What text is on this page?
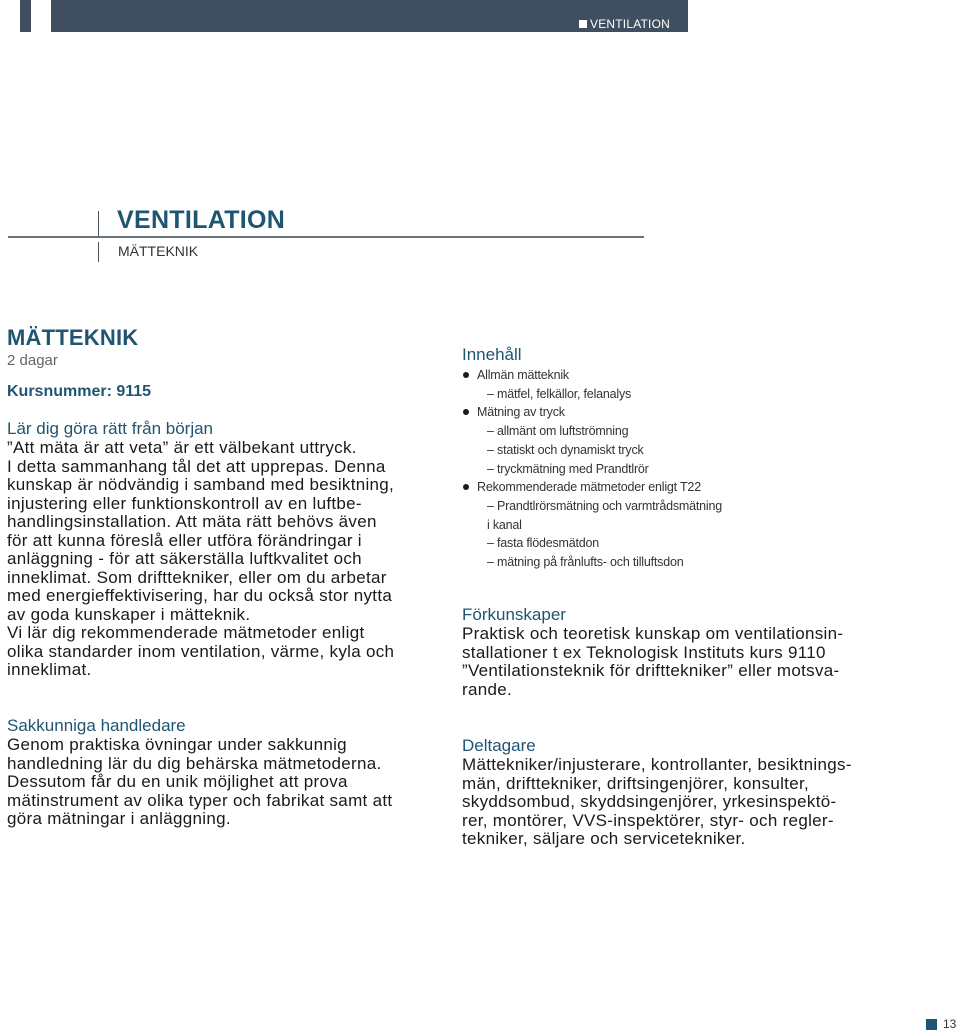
VENTILATION
VENTILATION
MÄTTEKNIK
MÄTTEKNIK
2 dagar
Kursnummer: 9115
Lär dig göra rätt från början
”Att mäta är att veta” är ett välbekant uttryck.
I detta sammanhang tål det att upprepas. Denna
kunskap är nödvändig i samband med besiktning,
injustering eller funktionskontroll av en luftbe-
handlingsinstallation. Att mäta rätt behövs även
för att kunna föreslå eller utföra förändringar i
anläggning - för att säkerställa luftkvalitet och
inneklimat. Som drifttekniker, eller om du arbetar
med energieffektivisering, har du också stor nytta
av goda kunskaper i mätteknik.
Vi lär dig rekommenderade mätmetoder enligt
olika standarder inom ventilation, värme, kyla och
inneklimat.
Sakkunniga handledare
Genom praktiska övningar under sakkunnig
handledning lär du dig behärska mätmetoderna.
Dessutom får du en unik möjlighet att prova
mätinstrument av olika typer och fabrikat samt att
göra mätningar i anläggning.
Innehåll
Allmän mätteknik
– mätfel, felkällor, felanalys
Mätning av tryck
– allmänt om luftströmning
– statiskt och dynamiskt tryck
– tryckmätning med Prandtlrör
Rekommenderade mätmetoder enligt T22
– Prandtlrörsmätning och varmtrådsmätning
i kanal
– fasta flödesmätdon
– mätning på frånlufts- och tilluftsdon
Förkunskaper
Praktisk och teoretisk kunskap om ventilationsin-
stallationer t ex Teknologisk Instituts kurs 9110
”Ventilationsteknik för drifttekniker” eller motsva-
rande.
Deltagare
Mättekniker/injusterare, kontrollanter, besiktnings-
män, drifttekniker, driftsingenjörer, konsulter,
skyddsombud, skyddsingenjörer, yrkesinspektö-
rer, montörer, VVS-inspektörer, styr- och regler-
tekniker, säljare och servicetekniker.
13
